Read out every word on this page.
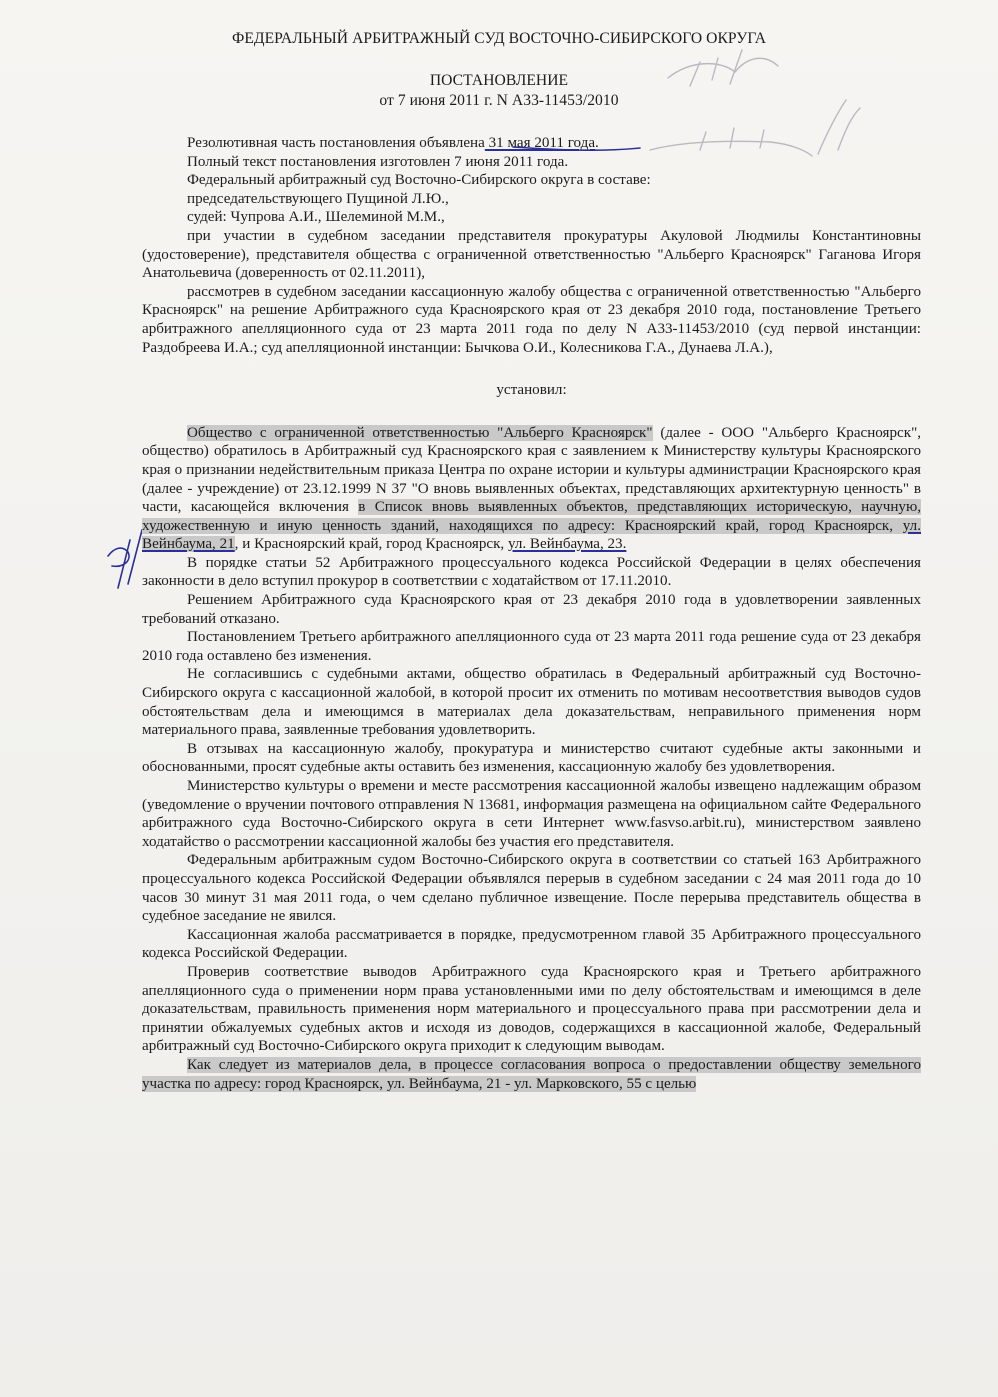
ФЕДЕРАЛЬНЫЙ АРБИТРАЖНЫЙ СУД ВОСТОЧНО-СИБИРСКОГО ОКРУГА
ПОСТАНОВЛЕНИЕ
от 7 июня 2011 г. N А33-11453/2010

Резолютивная часть постановления объявлена 31 мая 2011 года.

Полный текст постановления изготовлен 7 июня 2011 года.

Федеральный арбитражный суд Восточно-Сибирского округа в составе:

председательствующего Пущиной Л.Ю.,

судей: Чупрова А.И., Шелеминой М.М.,

при участии в судебном заседании представителя прокуратуры Акуловой Людмилы Константиновны (удостоверение), представителя общества с ограниченной ответственностью "Альберго Красноярск" Гаганова Игоря Анатольевича (доверенность от 02.11.2011),

рассмотрев в судебном заседании кассационную жалобу общества с ограниченной ответственностью "Альберго Красноярск" на решение Арбитражного суда Красноярского края от 23 декабря 2010 года, постановление Третьего арбитражного апелляционного суда от 23 марта 2011 года по делу N А33-11453/2010 (суд первой инстанции: Раздобреева И.А.; суд апелляционной инстанции: Бычкова О.И., Колесникова Г.А., Дунаева Л.А.),

установил:

Общество с ограниченной ответственностью "Альберго Красноярск" (далее - ООО "Альберго Красноярск", общество) обратилось в Арбитражный суд Красноярского края с заявлением к Министерству культуры Красноярского края о признании недействительным приказа Центра по охране истории и культуры администрации Красноярского края (далее - учреждение) от 23.12.1999 N 37 "О вновь выявленных объектах, представляющих архитектурную ценность" в части, касающейся включения в Список вновь выявленных объектов, представляющих историческую, научную, художественную и иную ценность зданий, находящихся по адресу: Красноярский край, город Красноярск, ул. Вейнбаума, 21, и Красноярский край, город Красноярск, ул. Вейнбаума, 23.

В порядке статьи 52 Арбитражного процессуального кодекса Российской Федерации в целях обеспечения законности в дело вступил прокурор в соответствии с ходатайством от 17.11.2010.

Решением Арбитражного суда Красноярского края от 23 декабря 2010 года в удовлетворении заявленных требований отказано.

Постановлением Третьего арбитражного апелляционного суда от 23 марта 2011 года решение суда от 23 декабря 2010 года оставлено без изменения.

Не согласившись с судебными актами, общество обратилась в Федеральный арбитражный суд Восточно-Сибирского округа с кассационной жалобой, в которой просит их отменить по мотивам несоответствия выводов судов обстоятельствам дела и имеющимся в материалах дела доказательствам, неправильного применения норм материального права, заявленные требования удовлетворить.

В отзывах на кассационную жалобу, прокуратура и министерство считают судебные акты законными и обоснованными, просят судебные акты оставить без изменения, кассационную жалобу без удовлетворения.

Министерство культуры о времени и месте рассмотрения кассационной жалобы извещено надлежащим образом (уведомление о вручении почтового отправления N 13681, информация размещена на официальном сайте Федерального арбитражного суда Восточно-Сибирского округа в сети Интернет www.fasvso.arbit.ru), министерством заявлено ходатайство о рассмотрении кассационной жалобы без участия его представителя.

Федеральным арбитражным судом Восточно-Сибирского округа в соответствии со статьей 163 Арбитражного процессуального кодекса Российской Федерации объявлялся перерыв в судебном заседании с 24 мая 2011 года до 10 часов 30 минут 31 мая 2011 года, о чем сделано публичное извещение. После перерыва представитель общества в судебное заседание не явился.

Кассационная жалоба рассматривается в порядке, предусмотренном главой 35 Арбитражного процессуального кодекса Российской Федерации.

Проверив соответствие выводов Арбитражного суда Красноярского края и Третьего арбитражного апелляционного суда о применении норм права установленными ими по делу обстоятельствам и имеющимся в деле доказательствам, правильность применения норм материального и процессуального права при рассмотрении дела и принятии обжалуемых судебных актов и исходя из доводов, содержащихся в кассационной жалобе, Федеральный арбитражный суд Восточно-Сибирского округа приходит к следующим выводам.

Как следует из материалов дела, в процессе согласования вопроса о предоставлении обществу земельного участка по адресу: город Красноярск, ул. Вейнбаума, 21 - ул. Марковского, 55 с целью
